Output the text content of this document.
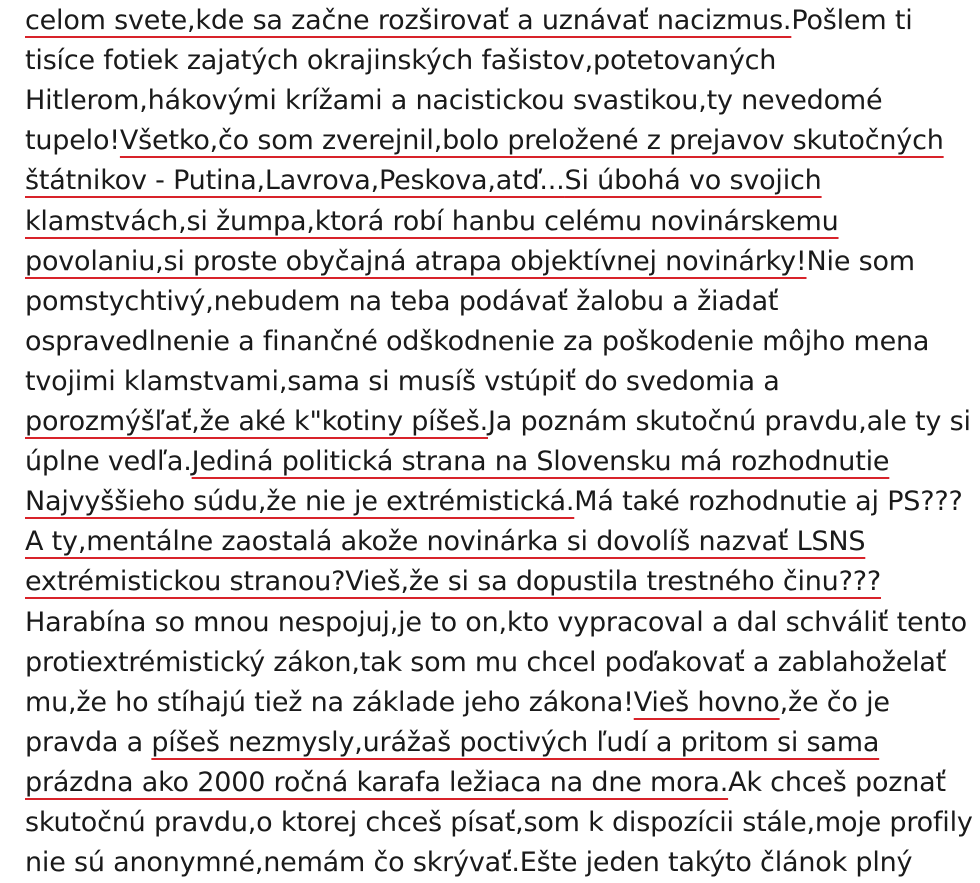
celom svete,kde sa začne rozširovať a uznávať nacizmus.Pošlem ti
tisíce fotiek zajatých okrajinských fašistov,potetovaných
Hitlerom,hákovými krížami a nacistickou svastikou,ty nevedomé
tupelo!Všetko,čo som zverejnil,bolo preložené z prejavov skutočných
štátnikov - Putina,Lavrova,Peskova,atď...Si úbohá vo svojich
klamstvách,si žumpa,ktorá robí hanbu celému novinárskemu
povolaniu,si proste obyčajná atrapa objektívnej novinárky!Nie som
pomstychtivý,nebudem na teba podávať žalobu a žiadať
ospravedlnenie a finančné odškodnenie za poškodenie môjho mena
tvojimi klamstvami,sama si musíš vstúpiť do svedomia a
porozmýšľať,že aké k"kotiny píšeš.Ja poznám skutočnú pravdu,ale ty si
úplne vedľa.Jediná politická strana na Slovensku má rozhodnutie
Najvyššieho súdu,že nie je extrémistická.Má také rozhodnutie aj PS???
A ty,mentálne zaostalá akože novinárka si dovolíš nazvať LSNS
extrémistickou stranou?Vieš,že si sa dopustila trestného činu???
Harabína so mnou nespojuj,je to on,kto vypracoval a dal schváliť tento
protiextrémistický zákon,tak som mu chcel poďakovať a zablahoželať
mu,že ho stíhajú tiež na základe jeho zákona!Vieš hovno,že čo je
pravda a píšeš nezmysly,urážaš poctivých ľudí a pritom si sama
prázdna ako 2000 ročná karafa ležiaca na dne mora.Ak chceš poznať
skutočnú pravdu,o ktorej chceš písať,som k dispozícii stále,moje profily
nie sú anonymné,nemám čo skrývať.Ešte jeden takýto článok plný
